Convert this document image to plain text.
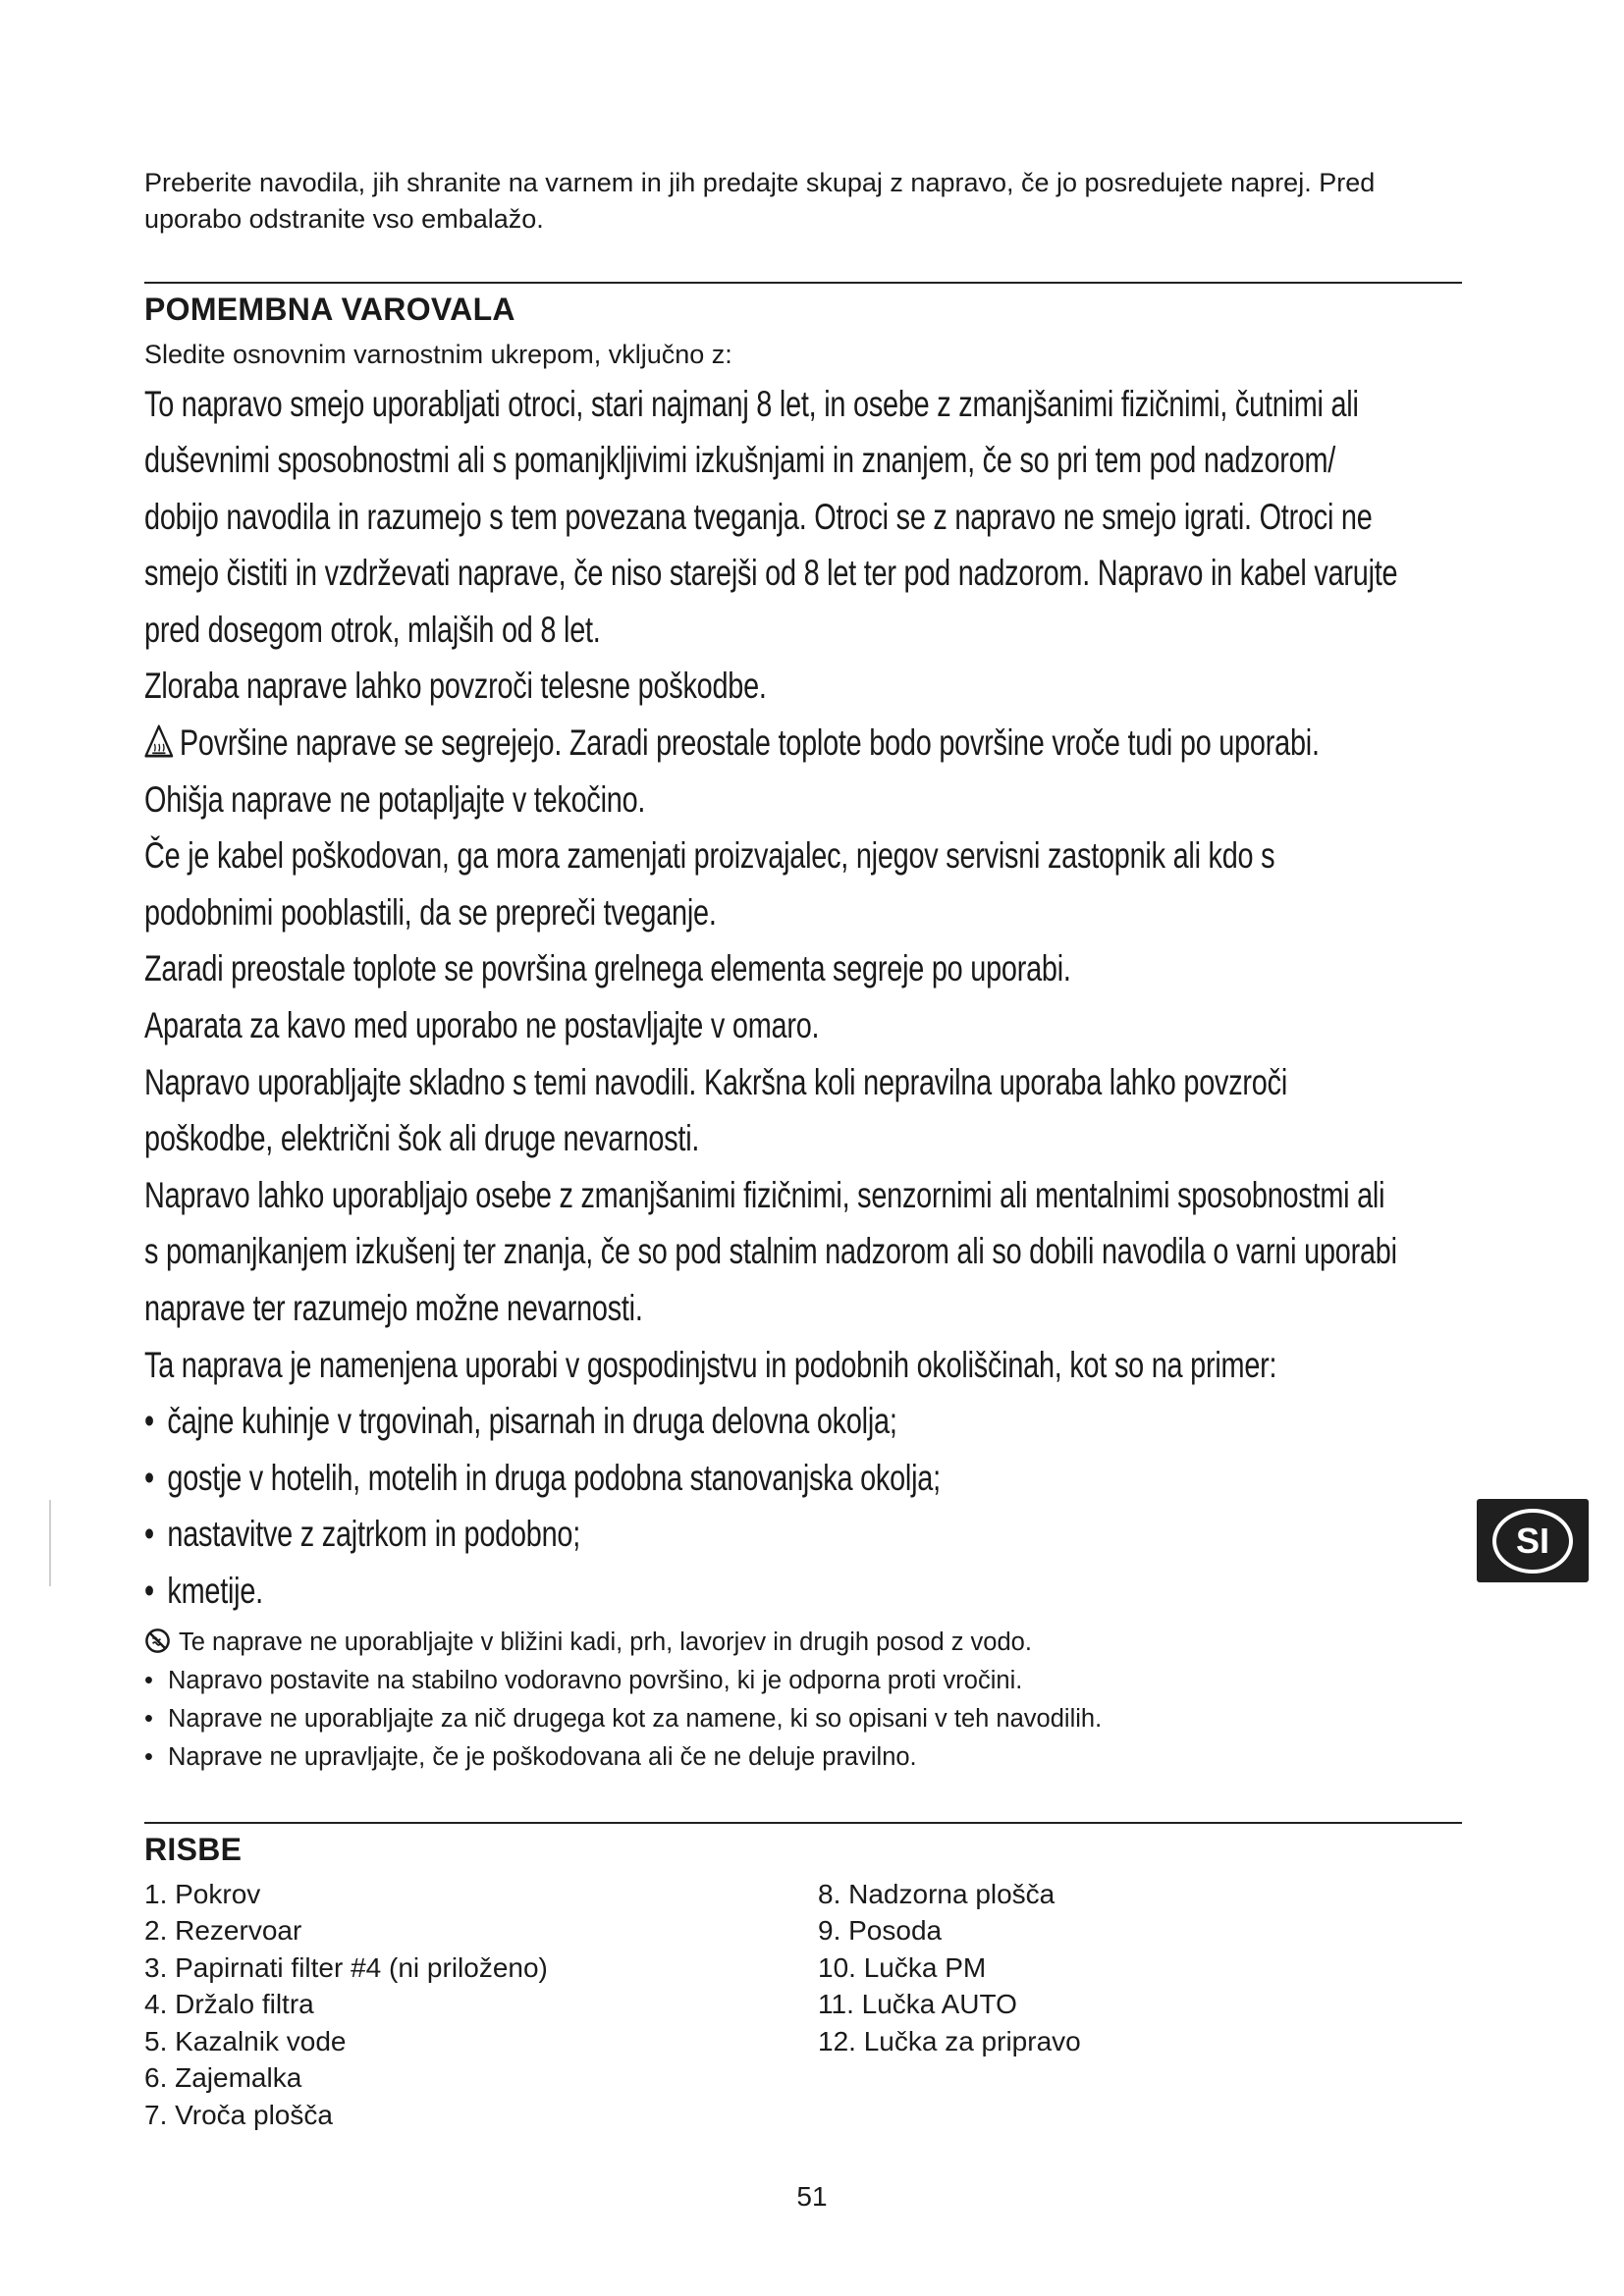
Preberite navodila, jih shranite na varnem in jih predajte skupaj z napravo, če jo posredujete naprej. Pred
uporabo odstranite vso embalažo.

POMEMBNA VAROVALA

Sledite osnovnim varnostnim ukrepom, vključno z:

To napravo smejo uporabljati otroci, stari najmanj 8 let, in osebe z zmanjšanimi fizičnimi, čutnimi ali

duševnimi sposobnostmi ali s pomanjkljivimi izkušnjami in znanjem, če so pri tem pod nadzorom/

dobijo navodila in razumejo s tem povezana tveganja. Otroci se z napravo ne smejo igrati. Otroci ne

smejo čistiti in vzdrževati naprave, če niso starejši od 8 let ter pod nadzorom. Napravo in kabel varujte

pred dosegom otrok, mlajših od 8 let.

Zloraba naprave lahko povzroči telesne poškodbe.

Površine naprave se segrejejo. Zaradi preostale toplote bodo površine vroče tudi po uporabi.

Ohišja naprave ne potapljajte v tekočino.

Če je kabel poškodovan, ga mora zamenjati proizvajalec, njegov servisni zastopnik ali kdo s

podobnimi pooblastili, da se prepreči tveganje.

Zaradi preostale toplote se površina grelnega elementa segreje po uporabi.

Aparata za kavo med uporabo ne postavljajte v omaro.

Napravo uporabljajte skladno s temi navodili. Kakršna koli nepravilna uporaba lahko povzroči

poškodbe, električni šok ali druge nevarnosti.

Napravo lahko uporabljajo osebe z zmanjšanimi fizičnimi, senzornimi ali mentalnimi sposobnostmi ali

s pomanjkanjem izkušenj ter znanja, če so pod stalnim nadzorom ali so dobili navodila o varni uporabi

naprave ter razumejo možne nevarnosti.

Ta naprava je namenjena uporabi v gospodinjstvu in podobnih okoliščinah, kot so na primer:

• čajne kuhinje v trgovinah, pisarnah in druga delovna okolja;

• gostje v hotelih, motelih in druga podobna stanovanjska okolja;

• nastavitve z zajtrkom in podobno;

• kmetije.

Te naprave ne uporabljajte v bližini kadi, prh, lavorjev in drugih posod z vodo.

• Napravo postavite na stabilno vodoravno površino, ki je odporna proti vročini.

• Naprave ne uporabljajte za nič drugega kot za namene, ki so opisani v teh navodilih.

• Naprave ne upravljajte, če je poškodovana ali če ne deluje pravilno.

RISBE
1. Pokrov
2. Rezervoar
3. Papirnati filter #4 (ni priloženo)
4. Držalo filtra
5. Kazalnik vode
6. Zajemalka
7. Vroča plošča
8. Nadzorna plošča
9. Posoda
10. Lučka PM
11. Lučka AUTO
12. Lučka za pripravo
SI
51
